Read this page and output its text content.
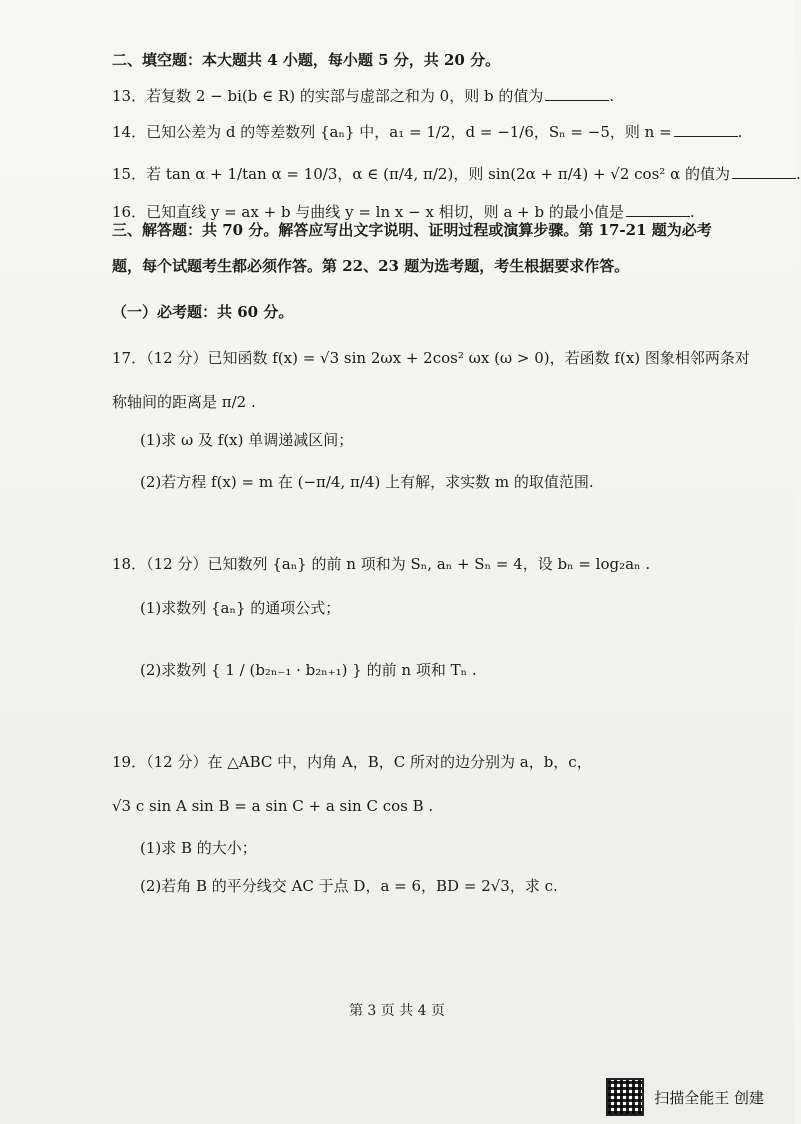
二、填空题：本大题共 4 小题，每小题 5 分，共 20 分。
13．若复数 2 − bi(b ∈ R) 的实部与虚部之和为 0，则 b 的值为	.
14．已知公差为 d 的等差数列 {aₙ} 中，a₁ = 1/2，d = −1/6，Sₙ = −5，则 n =	.
15．若 tan α + 1/tan α = 10/3，α ∈ (π/4, π/2)，则 sin(2α + π/4) + √2 cos² α 的值为	.
16．已知直线 y = ax + b 与曲线 y = ln x − x 相切，则 a + b 的最小值是	.
三、解答题：共 70 分。解答应写出文字说明、证明过程或演算步骤。第 17-21 题为必考
题，每个试题考生都必须作答。第 22、23 题为选考题，考生根据要求作答。
（一）必考题：共 60 分。
17．（12 分）已知函数 f(x) = √3 sin 2ωx + 2cos² ωx (ω > 0)，若函数 f(x) 图象相邻两条对
称轴间的距离是 π/2 .
(1)求 ω 及 f(x) 单调递减区间；
(2)若方程 f(x) = m 在 (−π/4, π/4) 上有解，求实数 m 的取值范围.
18．（12 分）已知数列 {aₙ} 的前 n 项和为 Sₙ, aₙ + Sₙ = 4，设 bₙ = log₂aₙ .
(1)求数列 {aₙ} 的通项公式；
(2)求数列 { 1 / (b₂ₙ₋₁ · b₂ₙ₊₁) } 的前 n 项和 Tₙ .
19．（12 分）在 △ABC 中，内角 A，B，C 所对的边分别为 a，b，c，
√3 c sin A sin B = a sin C + a sin C cos B .
(1)求 B 的大小；
(2)若角 B 的平分线交 AC 于点 D，a = 6，BD = 2√3，求 c.
第 3 页 共 4 页
扫描全能王 创建
